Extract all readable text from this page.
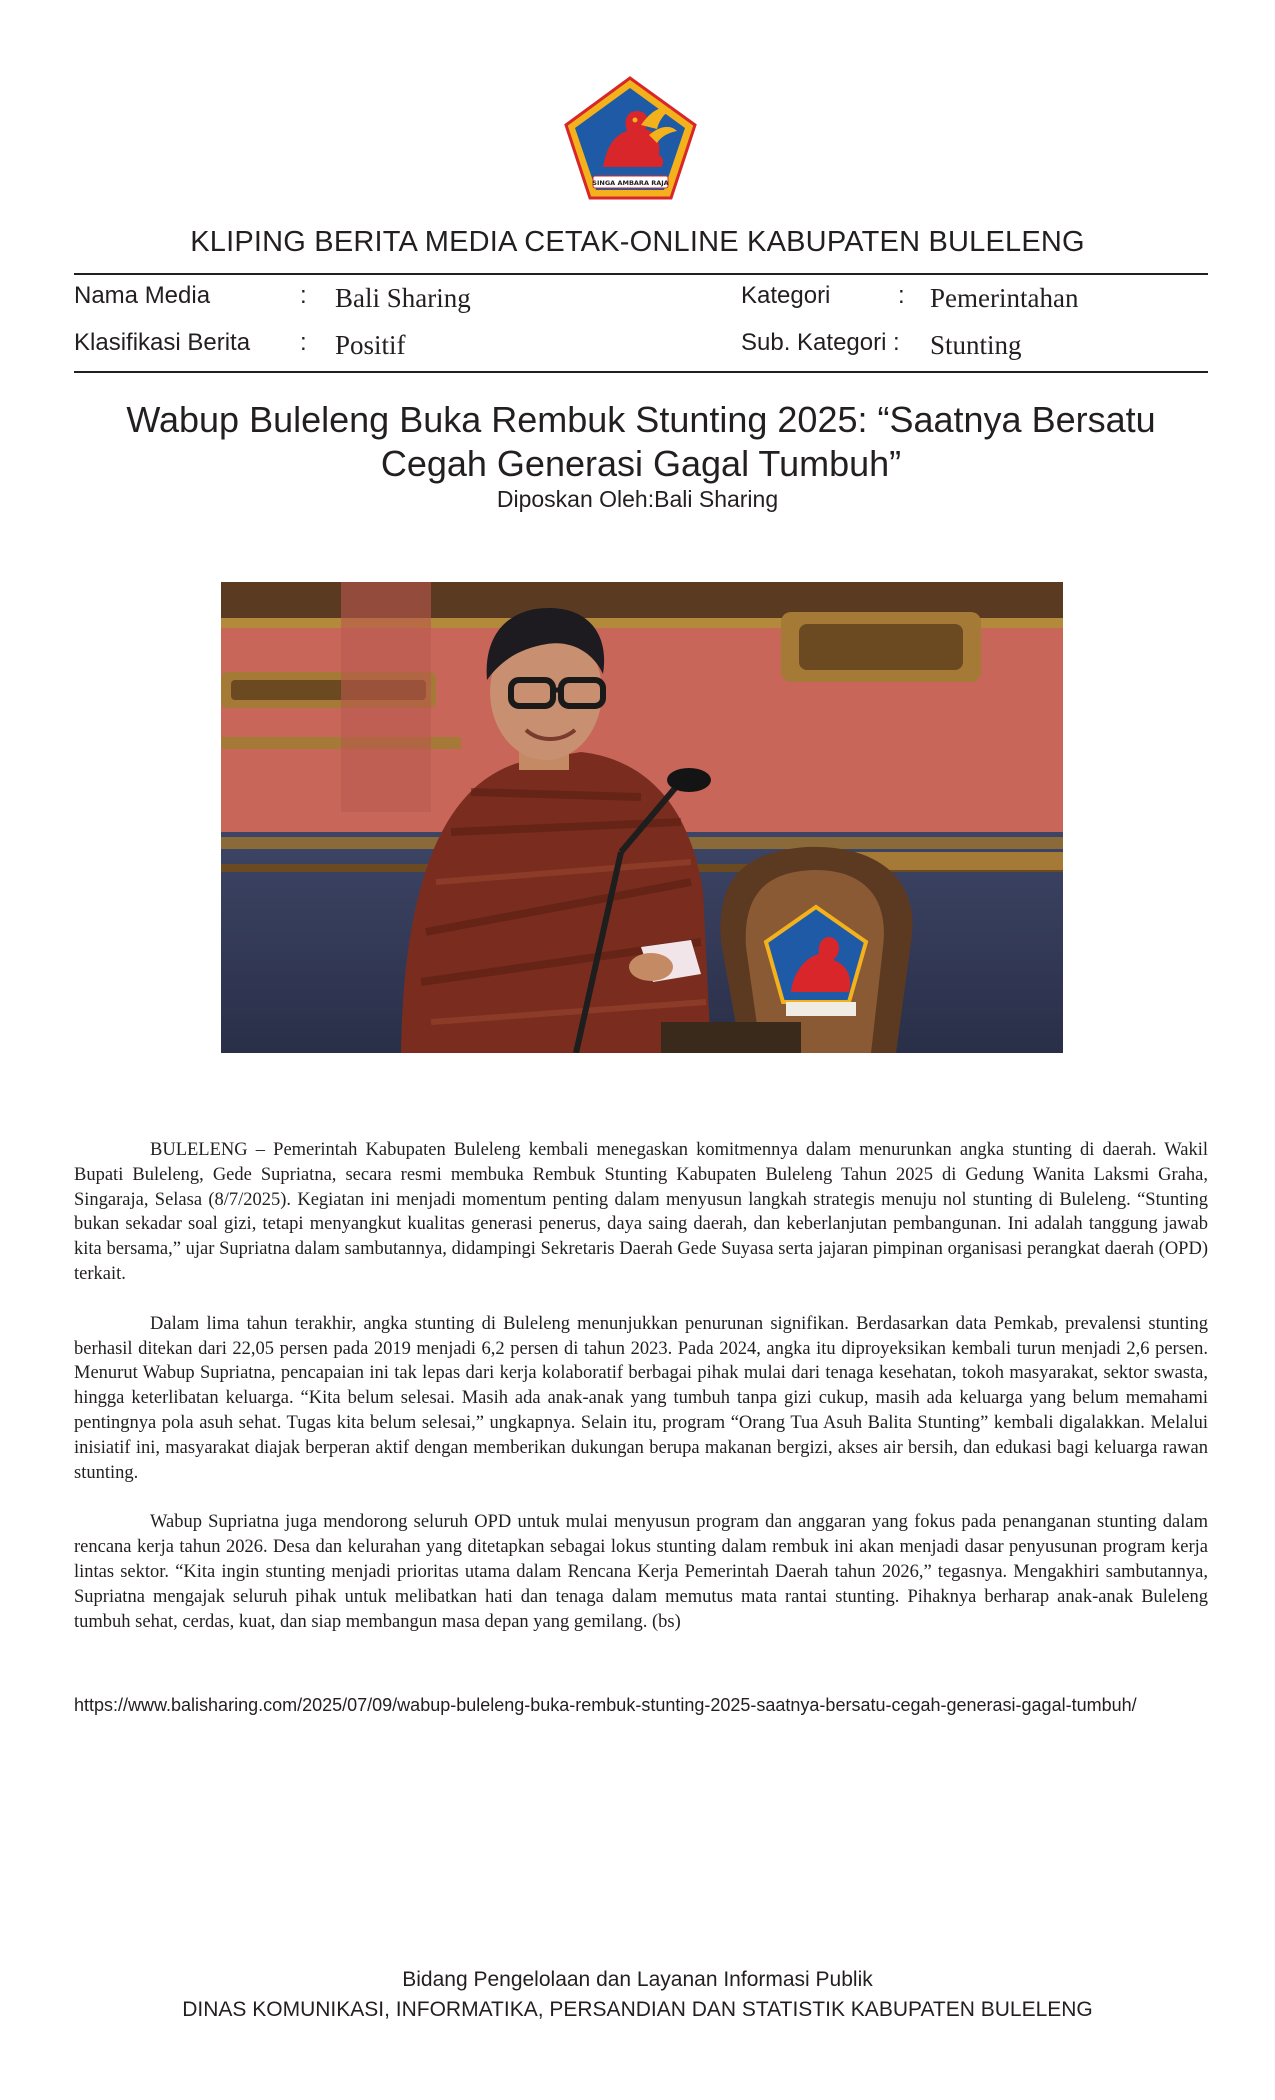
SINGA AMBARA RAJA
KLIPING BERITA MEDIA CETAK-ONLINE KABUPATEN BULELENG
Nama Media	: Bali Sharing	Kategori	: Pemerintahan
Klasifikasi Berita : Positif	Sub. Kategori : Stunting
Wabup Buleleng Buka Rembuk Stunting 2025: “Saatnya Bersatu Cegah Generasi Gagal Tumbuh”
Diposkan Oleh:Bali Sharing

BULELENG – Pemerintah Kabupaten Buleleng kembali menegaskan komitmennya dalam menurunkan angka stunting di daerah. Wakil Bupati Buleleng, Gede Supriatna, secara resmi membuka Rembuk Stunting Kabupaten Buleleng Tahun 2025 di Gedung Wanita Laksmi Graha, Singaraja, Selasa (8/7/2025). Kegiatan ini menjadi momentum penting dalam menyusun langkah strategis menuju nol stunting di Buleleng. “Stunting bukan sekadar soal gizi, tetapi menyangkut kualitas generasi penerus, daya saing daerah, dan keberlanjutan pembangunan. Ini adalah tanggung jawab kita bersama,” ujar Supriatna dalam sambutannya, didampingi Sekretaris Daerah Gede Suyasa serta jajaran pimpinan organisasi perangkat daerah (OPD) terkait.

Dalam lima tahun terakhir, angka stunting di Buleleng menunjukkan penurunan signifikan. Berdasarkan data Pemkab, prevalensi stunting berhasil ditekan dari 22,05 persen pada 2019 menjadi 6,2 persen di tahun 2023. Pada 2024, angka itu diproyeksikan kembali turun menjadi 2,6 persen. Menurut Wabup Supriatna, pencapaian ini tak lepas dari kerja kolaboratif berbagai pihak mulai dari tenaga kesehatan, tokoh masyarakat, sektor swasta, hingga keterlibatan keluarga. “Kita belum selesai. Masih ada anak-anak yang tumbuh tanpa gizi cukup, masih ada keluarga yang belum memahami pentingnya pola asuh sehat. Tugas kita belum selesai,” ungkapnya. Selain itu, program “Orang Tua Asuh Balita Stunting” kembali digalakkan. Melalui inisiatif ini, masyarakat diajak berperan aktif dengan memberikan dukungan berupa makanan bergizi, akses air bersih, dan edukasi bagi keluarga rawan stunting.

Wabup Supriatna juga mendorong seluruh OPD untuk mulai menyusun program dan anggaran yang fokus pada penanganan stunting dalam rencana kerja tahun 2026. Desa dan kelurahan yang ditetapkan sebagai lokus stunting dalam rembuk ini akan menjadi dasar penyusunan program kerja lintas sektor. “Kita ingin stunting menjadi prioritas utama dalam Rencana Kerja Pemerintah Daerah tahun 2026,” tegasnya. Mengakhiri sambutannya, Supriatna mengajak seluruh pihak untuk melibatkan hati dan tenaga dalam memutus mata rantai stunting. Pihaknya berharap anak-anak Buleleng tumbuh sehat, cerdas, kuat, dan siap membangun masa depan yang gemilang. (bs)

https://www.balisharing.com/2025/07/09/wabup-buleleng-buka-rembuk-stunting-2025-saatnya-bersatu-cegah-generasi-gagal-tumbuh/
Bidang Pengelolaan dan Layanan Informasi Publik
DINAS KOMUNIKASI, INFORMATIKA, PERSANDIAN DAN STATISTIK KABUPATEN BULELENG
